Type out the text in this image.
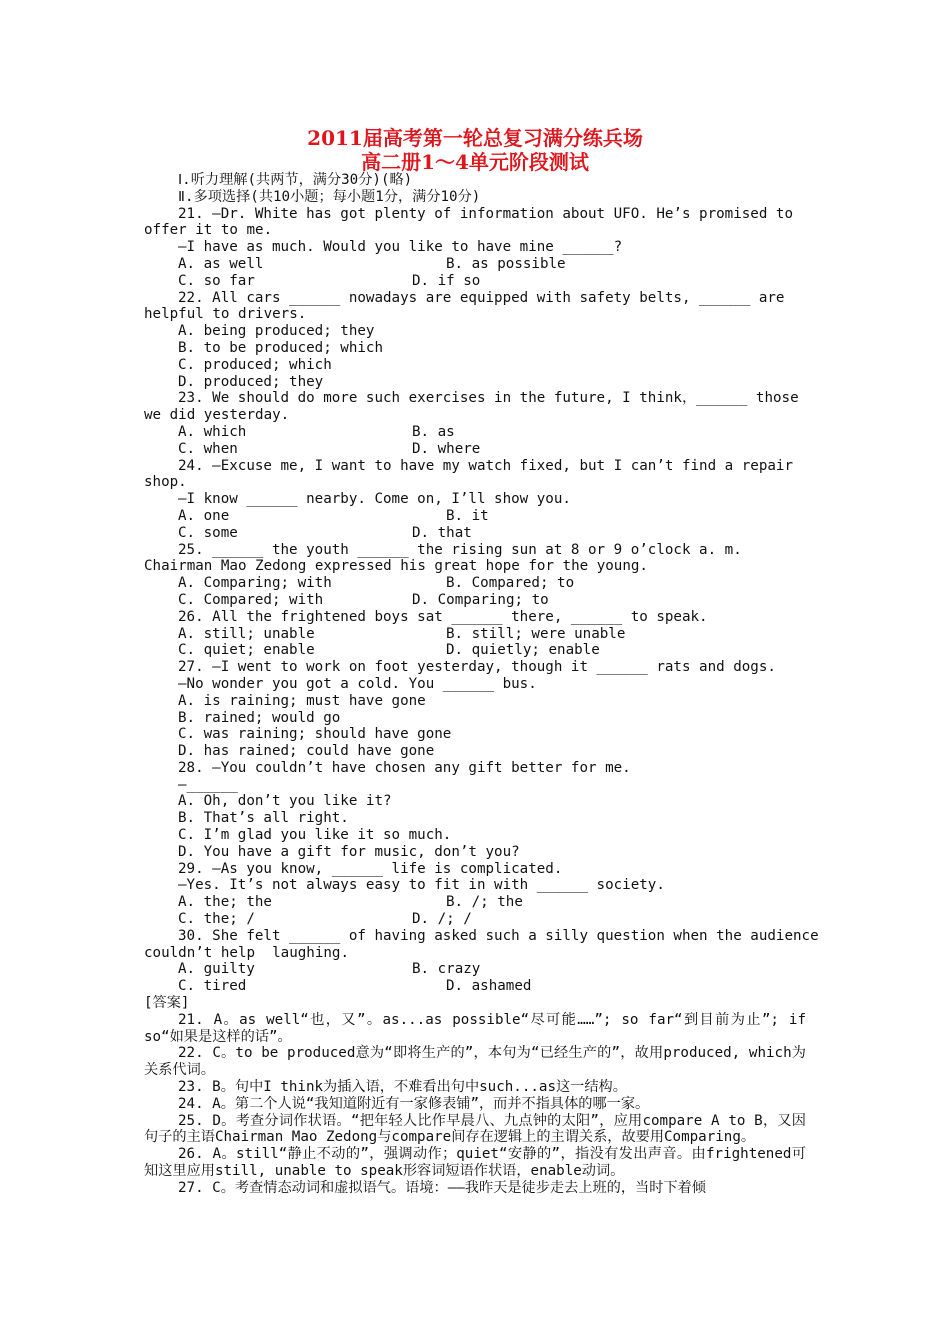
2011届高考第一轮总复习满分练兵场
高二册1～4单元阶段测试
Ⅰ.听力理解(共两节，满分30分)(略)
Ⅱ.多项选择(共10小题；每小题1分，满分10分)
21. —Dr. White has got plenty of information about UFO. He’s promised to
offer it to me.
—I have as much. Would you like to have mine ______?
A. as well	B. as possible
C. so far	D. if so
22. All cars ______ nowadays are equipped with safety belts, ______ are
helpful to drivers.
A. being produced; they
B. to be produced; which
C. produced; which
D. produced; they
23. We should do more such exercises in the future, I think，______ those
we did yesterday.
A. which	B. as
C. when	D. where
24. —Excuse me, I want to have my watch fixed, but I can’t find a repair
shop.
—I know ______ nearby. Come on, I’ll show you.
A. one	B. it
C. some	D. that
25. ______ the youth ______ the rising sun at 8 or 9 o’clock a. m.
Chairman Mao Zedong expressed his great hope for the young.
A. Comparing; with	B. Compared; to
C. Compared; with	D. Comparing; to
26. All the frightened boys sat ______ there, ______ to speak.
A. still; unable	B. still; were unable
C. quiet; enable	D. quietly; enable
27. —I went to work on foot yesterday, though it ______ rats and dogs.
—No wonder you got a cold. You ______ bus.
A. is raining; must have gone
B. rained; would go
C. was raining; should have gone
D. has rained; could have gone
28. —You couldn’t have chosen any gift better for me.
—______
A. Oh, don’t you like it?
B. That’s all right.
C. I’m glad you like it so much.
D. You have a gift for music, don’t you?
29. —As you know, ______ life is complicated.
—Yes. It’s not always easy to fit in with ______ society.
A. the; the	B. /; the
C. the; /	D. /; /
30. She felt ______ of having asked such a silly question when the audience
couldn’t help  laughing.
A. guilty	B. crazy
C. tired	D. ashamed
[答案]
21. A。as well“也，又”。as...as possible“尽可能……”; so far“到目前为止”; if so“如果是这样的话”。
22. C。to be produced意为“即将生产的”，本句为“已经生产的”，故用produced, which为关系代词。
23. B。句中I think为插入语，不难看出句中such...as这一结构。
24. A。第二个人说“我知道附近有一家修表铺”，而并不指具体的哪一家。
25. D。考查分词作状语。“把年轻人比作早晨八、九点钟的太阳”，应用compare A to B，又因句子的主语Chairman Mao Zedong与compare间存在逻辑上的主谓关系，故要用Comparing。
26. A。still“静止不动的”，强调动作；quiet“安静的”，指没有发出声音。由frightened可知这里应用still, unable to speak形容词短语作状语，enable动词。
27. C。考查情态动词和虚拟语气。语境：——我昨天是徒步走去上班的，当时下着倾
